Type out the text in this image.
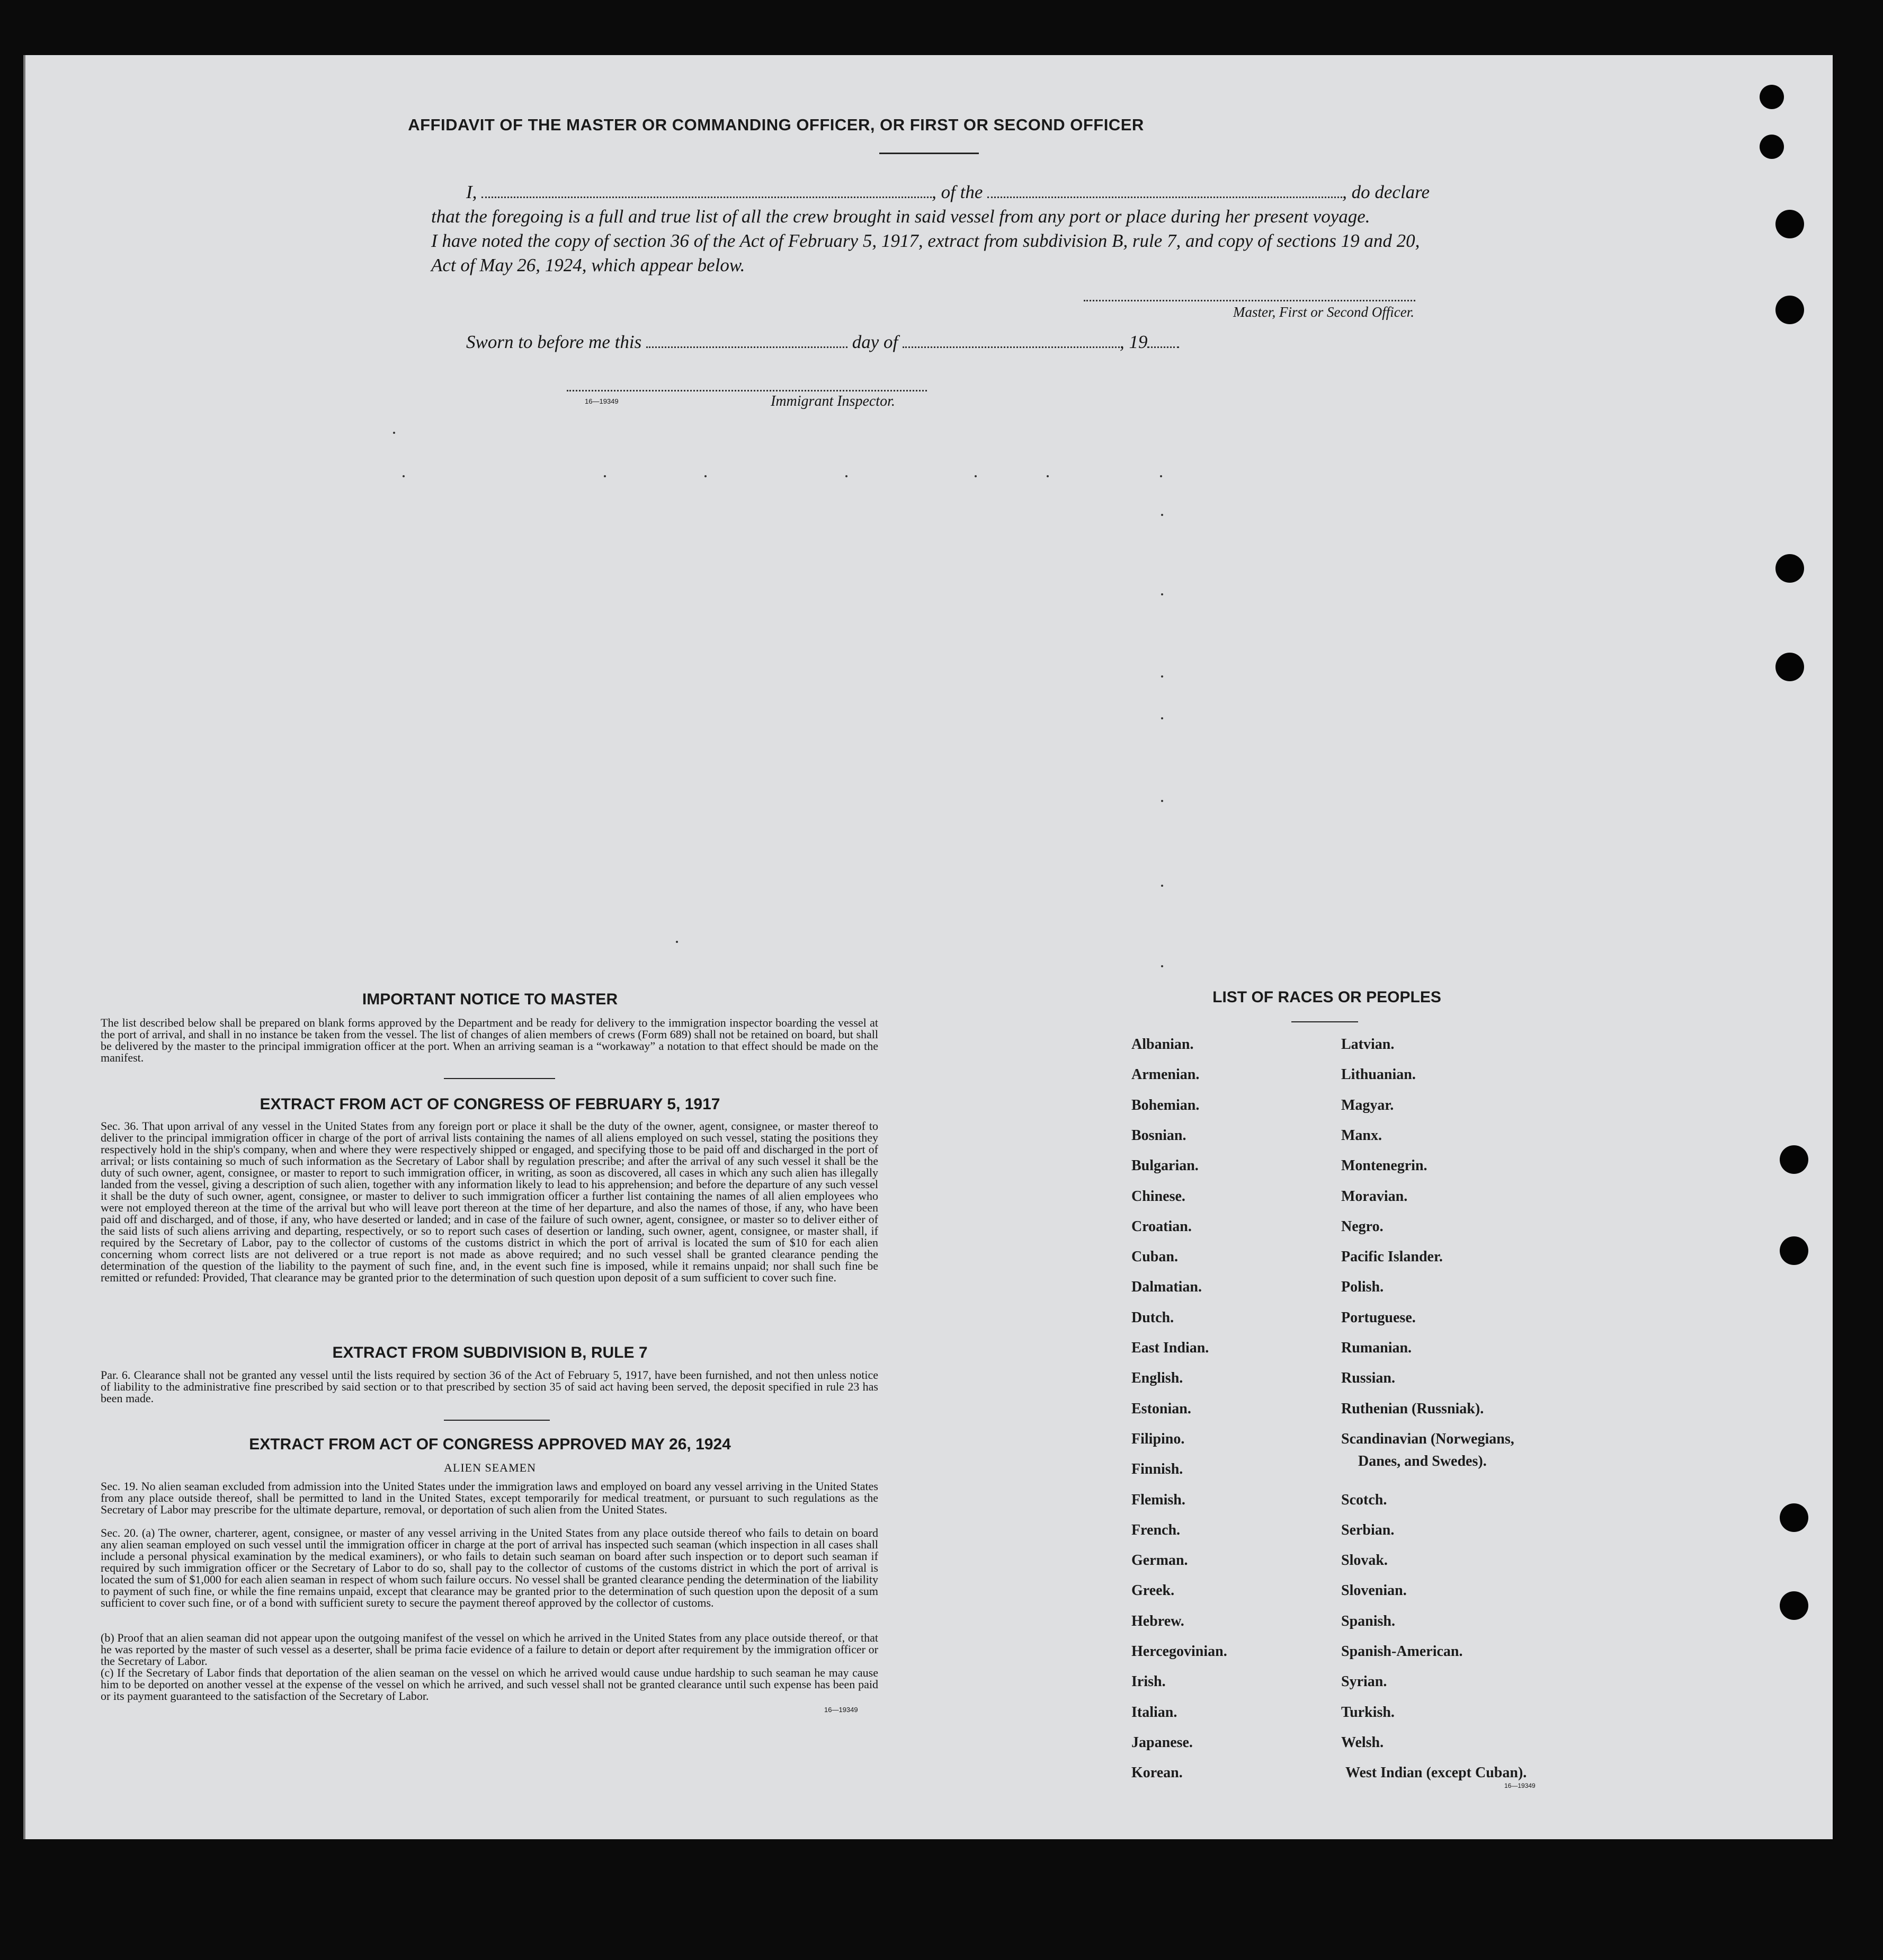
AFFIDAVIT OF THE MASTER OR COMMANDING OFFICER, OR FIRST OR SECOND OFFICER
I,	, of the	, do declare
that the foregoing is a full and true list of all the crew brought in said vessel from any port or place during her present voyage.
I have noted the copy of section 36 of the Act of February 5, 1917, extract from subdivision B, rule 7, and copy of sections 19 and 20,
Act of May 26, 1924, which appear below.
Master, First or Second Officer.
Sworn to before me this	day of	, 19
16—19349	Immigrant Inspector.
IMPORTANT NOTICE TO MASTER
The list described below shall be prepared on blank forms approved by the Department and be ready for delivery to the immigration inspector boarding the vessel at the port of arrival, and shall in no instance be taken from the vessel. The list of changes of alien members of crews (Form 689) shall not be retained on board, but shall be delivered by the master to the principal immigration officer at the port. When an arriving seaman is a “workaway” a notation to that effect should be made on the manifest.
EXTRACT FROM ACT OF CONGRESS OF FEBRUARY 5, 1917
Sec. 36. That upon arrival of any vessel in the United States from any foreign port or place it shall be the duty of the owner, agent, consignee, or master thereof to deliver to the principal immigration officer in charge of the port of arrival lists containing the names of all aliens employed on such vessel, stating the positions they respectively hold in the ship's company, when and where they were respectively shipped or engaged, and specifying those to be paid off and discharged in the port of arrival; or lists containing so much of such information as the Secretary of Labor shall by regulation prescribe; and after the arrival of any such vessel it shall be the duty of such owner, agent, consignee, or master to report to such immigration officer, in writing, as soon as discovered, all cases in which any such alien has illegally landed from the vessel, giving a description of such alien, together with any information likely to lead to his apprehension; and before the departure of any such vessel it shall be the duty of such owner, agent, consignee, or master to deliver to such immigration officer a further list containing the names of all alien employees who were not employed thereon at the time of the arrival but who will leave port thereon at the time of her departure, and also the names of those, if any, who have been paid off and discharged, and of those, if any, who have deserted or landed; and in case of the failure of such owner, agent, consignee, or master so to deliver either of the said lists of such aliens arriving and departing, respectively, or so to report such cases of desertion or landing, such owner, agent, consignee, or master shall, if required by the Secretary of Labor, pay to the collector of customs of the customs district in which the port of arrival is located the sum of $10 for each alien concerning whom correct lists are not delivered or a true report is not made as above required; and no such vessel shall be granted clearance pending the determination of the question of the liability to the payment of such fine, and, in the event such fine is imposed, while it remains unpaid; nor shall such fine be remitted or refunded: Provided, That clearance may be granted prior to the determination of such question upon deposit of a sum sufficient to cover such fine.
EXTRACT FROM SUBDIVISION B, RULE 7
Par. 6. Clearance shall not be granted any vessel until the lists required by section 36 of the Act of February 5, 1917, have been furnished, and not then unless notice of liability to the administrative fine prescribed by said section or to that prescribed by section 35 of said act having been served, the deposit specified in rule 23 has been made.
EXTRACT FROM ACT OF CONGRESS APPROVED MAY 26, 1924
ALIEN SEAMEN
Sec. 19. No alien seaman excluded from admission into the United States under the immigration laws and employed on board any vessel arriving in the United States from any place outside thereof, shall be permitted to land in the United States, except temporarily for medical treatment, or pursuant to such regulations as the Secretary of Labor may prescribe for the ultimate departure, removal, or deportation of such alien from the United States.
Sec. 20. (a) The owner, charterer, agent, consignee, or master of any vessel arriving in the United States from any place outside thereof who fails to detain on board any alien seaman employed on such vessel until the immigration officer in charge at the port of arrival has inspected such seaman (which inspection in all cases shall include a personal physical examination by the medical examiners), or who fails to detain such seaman on board after such inspection or to deport such seaman if required by such immigration officer or the Secretary of Labor to do so, shall pay to the collector of customs of the customs district in which the port of arrival is located the sum of $1,000 for each alien seaman in respect of whom such failure occurs. No vessel shall be granted clearance pending the determination of the liability to payment of such fine, or while the fine remains unpaid, except that clearance may be granted prior to the determination of such question upon the deposit of a sum sufficient to cover such fine, or of a bond with sufficient surety to secure the payment thereof approved by the collector of customs.
(b) Proof that an alien seaman did not appear upon the outgoing manifest of the vessel on which he arrived in the United States from any place outside thereof, or that he was reported by the master of such vessel as a deserter, shall be prima facie evidence of a failure to detain or deport after requirement by the immigration officer or the Secretary of Labor.
(c) If the Secretary of Labor finds that deportation of the alien seaman on the vessel on which he arrived would cause undue hardship to such seaman he may cause him to be deported on another vessel at the expense of the vessel on which he arrived, and such vessel shall not be granted clearance until such expense has been paid or its payment guaranteed to the satisfaction of the Secretary of Labor.
16—19349
LIST OF RACES OR PEOPLES
Albanian.
Armenian.
Bohemian.
Bosnian.
Bulgarian.
Chinese.
Croatian.
Cuban.
Dalmatian.
Dutch.
East Indian.
English.
Estonian.
Filipino.
Finnish.
Flemish.
French.
German.
Greek.
Hebrew.
Hercegovinian.
Irish.
Italian.
Japanese.
Korean.
Latvian.
Lithuanian.
Magyar.
Manx.
Montenegrin.
Moravian.
Negro.
Pacific Islander.
Polish.
Portuguese.
Rumanian.
Russian.
Ruthenian (Russniak).
Scandinavian (Norwegians,
Scotch.
Serbian.
Slovak.
Slovenian.
Spanish.
Spanish-American.
Syrian.
Turkish.
Welsh.
West Indian (except Cuban).
Danes, and Swedes).
16—19349
